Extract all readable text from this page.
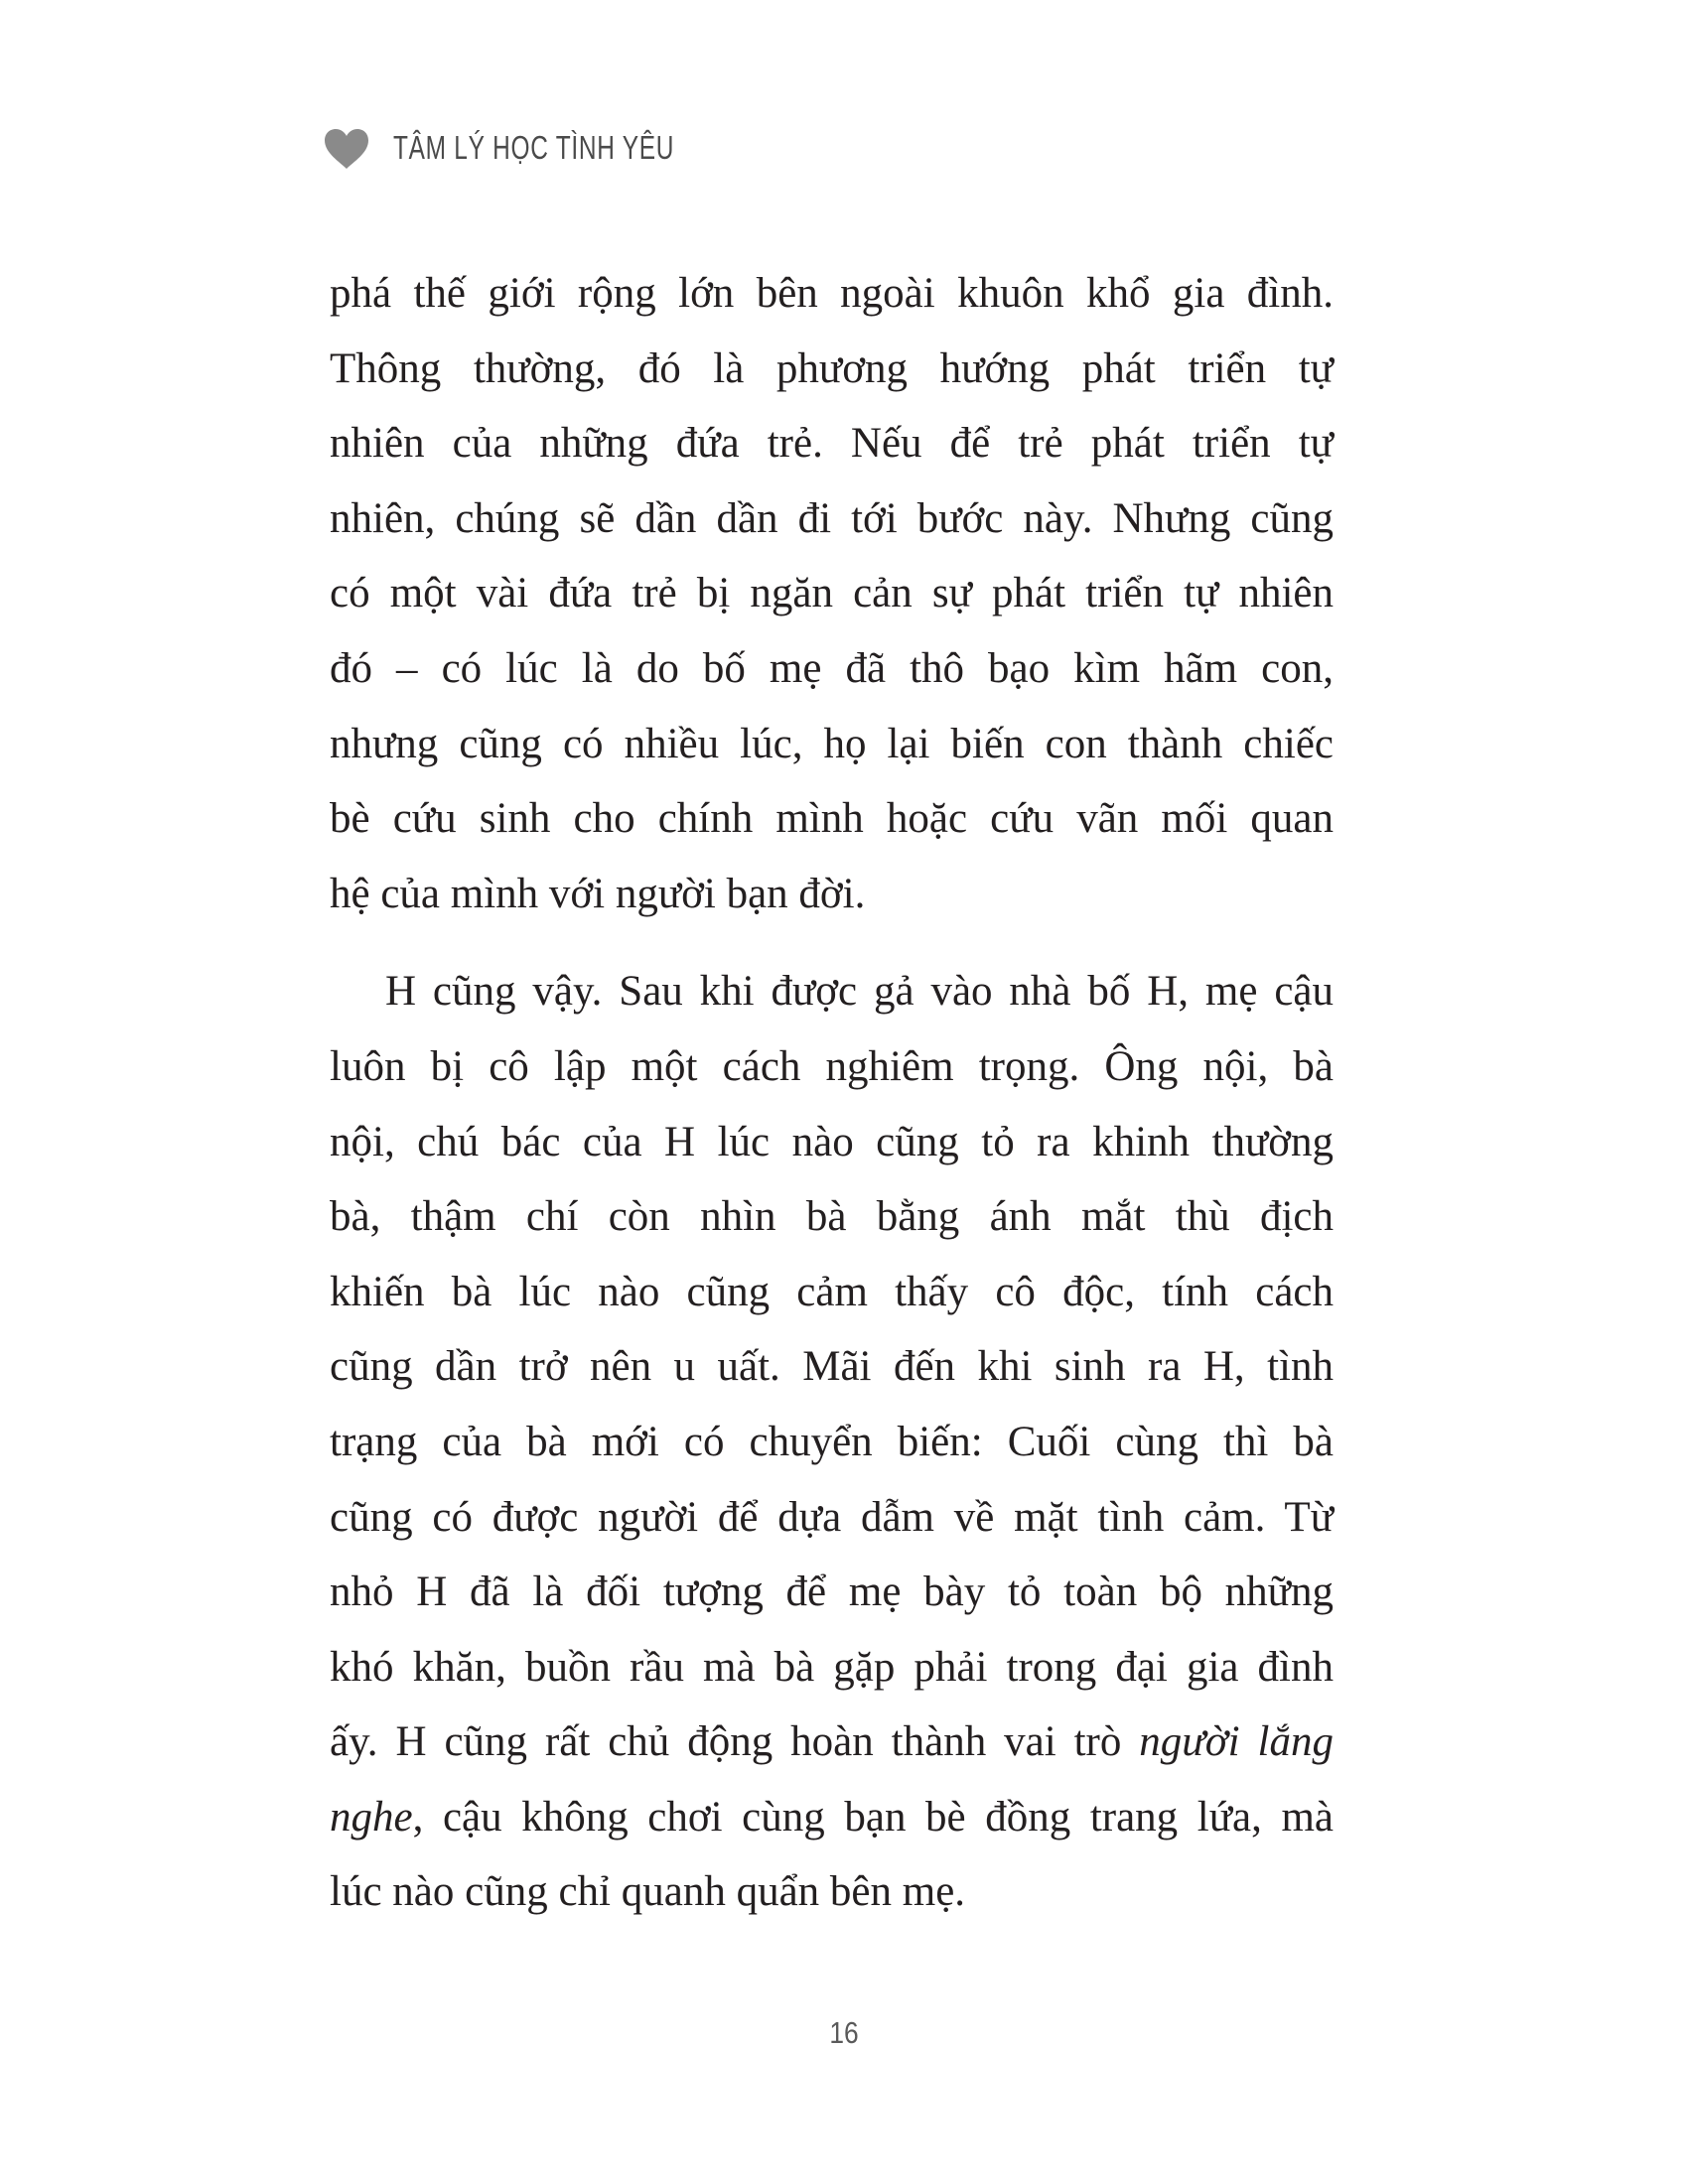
TÂM LÝ HỌC TÌNH YÊU

phá thế giới rộng lớn bên ngoài khuôn khổ gia đình.
Thông thường, đó là phương hướng phát triển tự
nhiên của những đứa trẻ. Nếu để trẻ phát triển tự
nhiên, chúng sẽ dần dần đi tới bước này. Nhưng cũng
có một vài đứa trẻ bị ngăn cản sự phát triển tự nhiên
đó – có lúc là do bố mẹ đã thô bạo kìm hãm con,
nhưng cũng có nhiều lúc, họ lại biến con thành chiếc
bè cứu sinh cho chính mình hoặc cứu vãn mối quan
hệ của mình với người bạn đời.

H cũng vậy. Sau khi được gả vào nhà bố H, mẹ cậu
luôn bị cô lập một cách nghiêm trọng. Ông nội, bà
nội, chú bác của H lúc nào cũng tỏ ra khinh thường
bà, thậm chí còn nhìn bà bằng ánh mắt thù địch
khiến bà lúc nào cũng cảm thấy cô độc, tính cách
cũng dần trở nên u uất. Mãi đến khi sinh ra H, tình
trạng của bà mới có chuyển biến: Cuối cùng thì bà
cũng có được người để dựa dẫm về mặt tình cảm. Từ
nhỏ H đã là đối tượng để mẹ bày tỏ toàn bộ những
khó khăn, buồn rầu mà bà gặp phải trong đại gia đình
ấy. H cũng rất chủ động hoàn thành vai trò người lắng
nghe, cậu không chơi cùng bạn bè đồng trang lứa, mà
lúc nào cũng chỉ quanh quẩn bên mẹ.

16
